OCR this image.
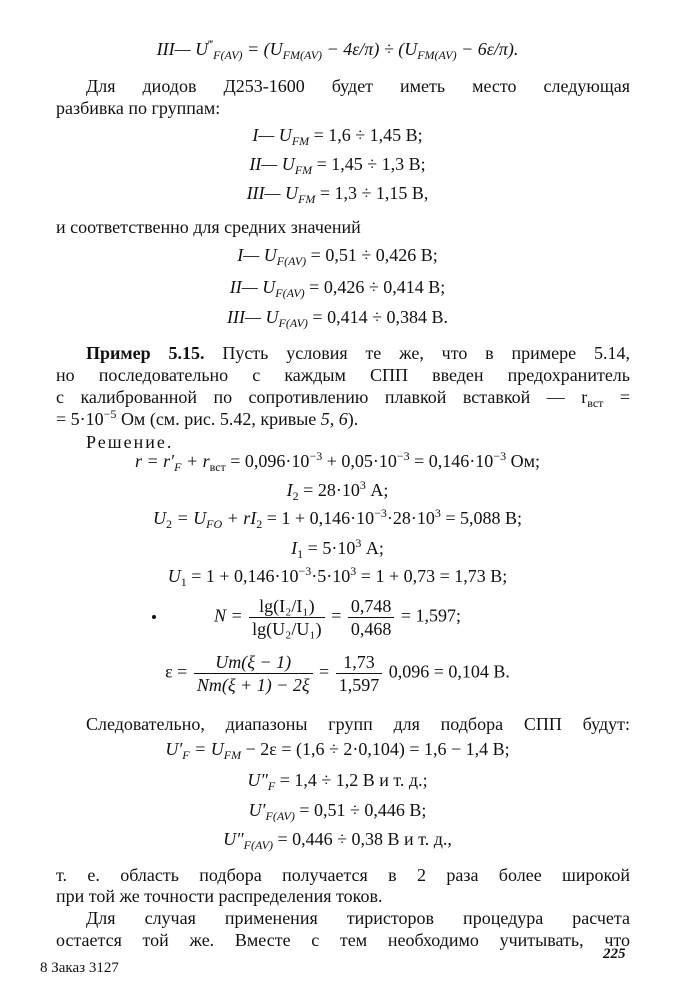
III— $U^‴_{F(AV)} = (U_{FM(AV)} - 4\varepsilon/\pi) \div (U_{FM(AV)} - 6\varepsilon/\pi)$.
Для диодов Д253-1600 будет иметь место следующая
разбивка по группам:
I— $U_{FM} = 1,6 \div 1,45$ В;
II— $U_{FM} = 1,45 \div 1,3$ В;
III— $U_{FM} = 1,3 \div 1,15$ В,
и соответственно для средних значений
I— $U_{F(AV)} = 0,51 \div 0,426$ В;
II— $U_{F(AV)} = 0,426 \div 0,414$ В;
III— $U_{F(AV)} = 0,414 \div 0,384$ В.
Пример 5.15. Пусть условия те же, что в примере 5.14,
но последовательно с каждым СПП введен предохранитель
с калиброванной по сопротивлению плавкой вставкой — $r_{вст}$ =
= $5\cdot 10^{-5}$ Ом (см. рис. 5.42, кривые 5, 6).
Решение.
$r = r'_F + r_{вст} = 0,096\cdot 10^{-3} + 0,05\cdot 10^{-3} = 0,146\cdot 10^{-3}$ Ом;
$I_2 = 28\cdot 10^3$ А;
$U_2 = U_{FO} + rI_2 = 1 + 0,146\cdot 10^{-3}\cdot 28\cdot 10^3 = 5,088$ В;
$I_1 = 5\cdot 10^3$ А;
$U_1 = 1 + 0,146\cdot 10^{-3}\cdot 5\cdot 10^3 = 1 + 0,73 = 1,73$ В;
$N = \frac{\text{lg(I₂/I₁)}}{\text{lg(U₂/U₁)}} = \frac{0,748}{0,468} = 1,597$;
$\varepsilon = \frac{Um(\xi - 1)}{Nm(\xi + 1) - 2\xi} = \frac{1,73}{1,597} 0,096 = 0,104$ В.
Следовательно, диапазоны групп для подбора СПП будут:
$U'_F = U_{FM} - 2\varepsilon = (1,6 \div 2\cdot 0,104) = 1,6 - 1,4$ В;
$U''_F = 1,4 \div 1,2$ В и т. д.;
$U'_{F(AV)} = 0,51 \div 0,446$ В;
$U''_{F(AV)} = 0,446 \div 0,38$ В и т. д.,
т. е. область подбора получается в 2 раза более широкой
при той же точности распределения токов.
Для случая применения тиристоров процедура расчета
остается той же. Вместе с тем необходимо учитывать, что
225
8 Заказ 3127
